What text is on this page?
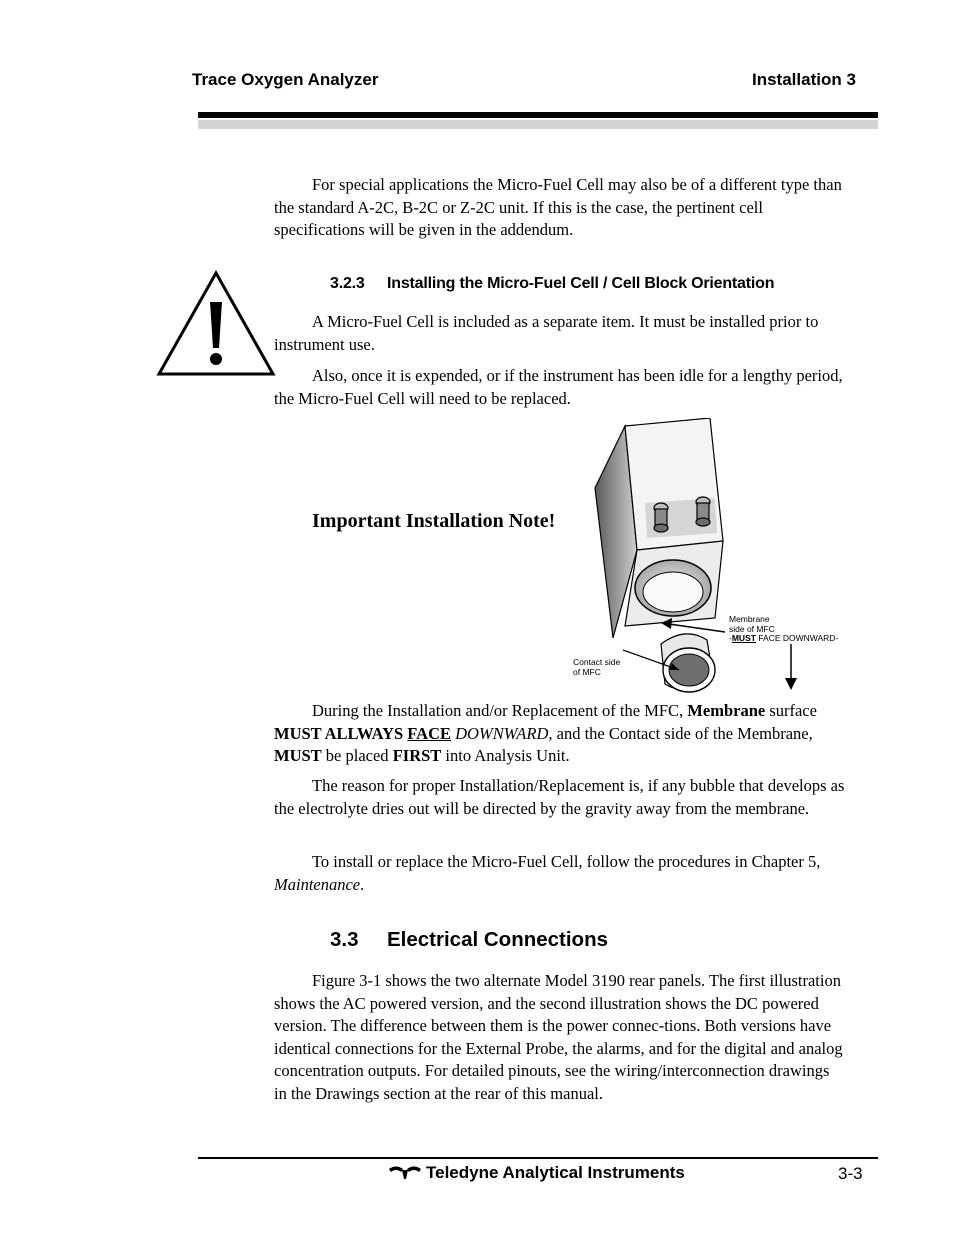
Trace Oxygen Analyzer	Installation 3

For special applications the Micro-Fuel Cell may also be of a different type than the standard A-2C, B-2C or Z-2C unit. If this is the case, the pertinent cell specifications will be given in the addendum.

3.2.3 Installing the Micro-Fuel Cell / Cell Block Orientation

A Micro-Fuel Cell is included as a separate item. It must be installed prior to instrument use.

Also, once it is expended, or if the instrument has been idle for a lengthy period, the Micro-Fuel Cell will need to be replaced.

Important Installation Note!
Membrane
side of MFC
-MUST FACE DOWNWARD-
Contact side
of MFC

During the Installation and/or Replacement of the MFC, Membrane surface MUST ALLWAYS FACE DOWNWARD, and the Contact side of the Membrane, MUST be placed FIRST into Analysis Unit.

The reason for proper Installation/Replacement is, if any bubble that develops as the electrolyte dries out will be directed by the gravity away from the membrane.

To install or replace the Micro-Fuel Cell, follow the procedures in Chapter 5, Maintenance.

3.3 Electrical Connections

Figure 3-1 shows the two alternate Model 3190 rear panels. The first illustration shows the AC powered version, and the second illustration shows the DC powered version. The difference between them is the power connec-tions. Both versions have identical connections for the External Probe, the alarms, and for the digital and analog concentration outputs. For detailed pinouts, see the wiring/interconnection drawings in the Drawings section at the rear of this manual.

Teledyne Analytical Instruments	3-3
